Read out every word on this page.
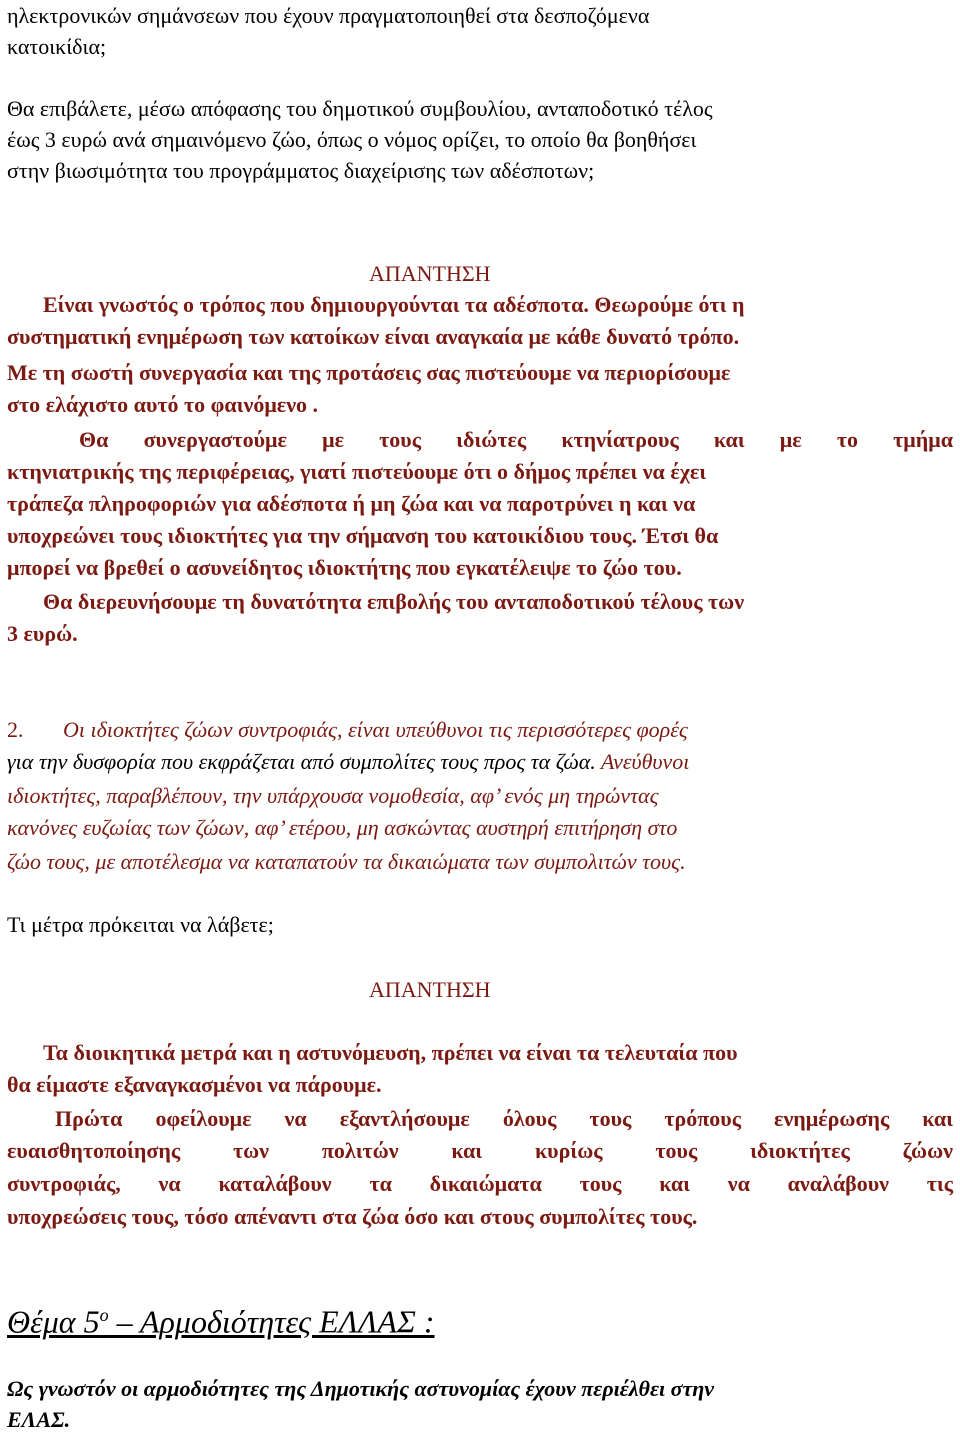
ηλεκτρονικών σημάνσεων που έχουν πραγματοποιηθεί στα δεσποζόμενα
κατοικίδια;
Θα επιβάλετε, μέσω απόφασης του δημοτικού συμβουλίου, ανταποδοτικό τέλος
έως 3 ευρώ ανά σημαινόμενο ζώο, όπως ο νόμος ορίζει, το οποίο θα βοηθήσει
στην βιωσιμότητα του προγράμματος διαχείρισης των αδέσποτων;
ΑΠΑΝΤΗΣΗ
Είναι γνωστός ο τρόπος που δημιουργούνται τα αδέσποτα. Θεωρούμε ότι η
συστηματική ενημέρωση των κατοίκων είναι αναγκαία με κάθε δυνατό τρόπο.
Με τη σωστή συνεργασία και της προτάσεις σας πιστεύουμε να περιορίσουμε
στο ελάχιστο αυτό το φαινόμενο .
Θα συνεργαστούμε με τους ιδιώτες κτηνίατρους και με το τμήμα
κτηνιατρικής της περιφέρειας, γιατί πιστεύουμε ότι ο δήμος πρέπει να έχει
τράπεζα πληροφοριών για αδέσποτα ή μη ζώα και να παροτρύνει η και να
υποχρεώνει τους ιδιοκτήτες για την σήμανση του κατοικίδιου τους. Έτσι θα
μπορεί να βρεθεί ο ασυνείδητος ιδιοκτήτης που εγκατέλειψε το ζώο του.
Θα διερευνήσουμε τη δυνατότητα επιβολής του ανταποδοτικού τέλους των
3 ευρώ.
2. Οι ιδιοκτήτες ζώων συντροφιάς, είναι υπεύθυνοι τις περισσότερες φορές
για την δυσφορία που εκφράζεται από συμπολίτες τους προς τα ζώα. Ανεύθυνοι
ιδιοκτήτες, παραβλέπουν, την υπάρχουσα νομοθεσία, αφ’ ενός μη τηρώντας
κανόνες ευζωίας των ζώων, αφ’ ετέρου, μη ασκώντας αυστηρή επιτήρηση στο
ζώο τους, με αποτέλεσμα να καταπατούν τα δικαιώματα των συμπολιτών τους.
Τι μέτρα πρόκειται να λάβετε;
ΑΠΑΝΤΗΣΗ
Τα διοικητικά μετρά και η αστυνόμευση, πρέπει να είναι τα τελευταία που
θα είμαστε εξαναγκασμένοι να πάρουμε.
Πρώτα οφείλουμε να εξαντλήσουμε όλους τους τρόπους ενημέρωσης και
ευαισθητοποίησης των πολιτών και κυρίως τους ιδιοκτήτες ζώων
συντροφιάς, να καταλάβουν τα δικαιώματα τους και να αναλάβουν τις
υποχρεώσεις τους, τόσο απέναντι στα ζώα όσο και στους συμπολίτες τους.
Θέμα $5^o$ – Αρμοδιότητες ΕΛΛΑΣ :
Ως γνωστόν οι αρμοδιότητες της Δημοτικής αστυνομίας έχουν περιέλθει στην
ΕΛΑΣ.
